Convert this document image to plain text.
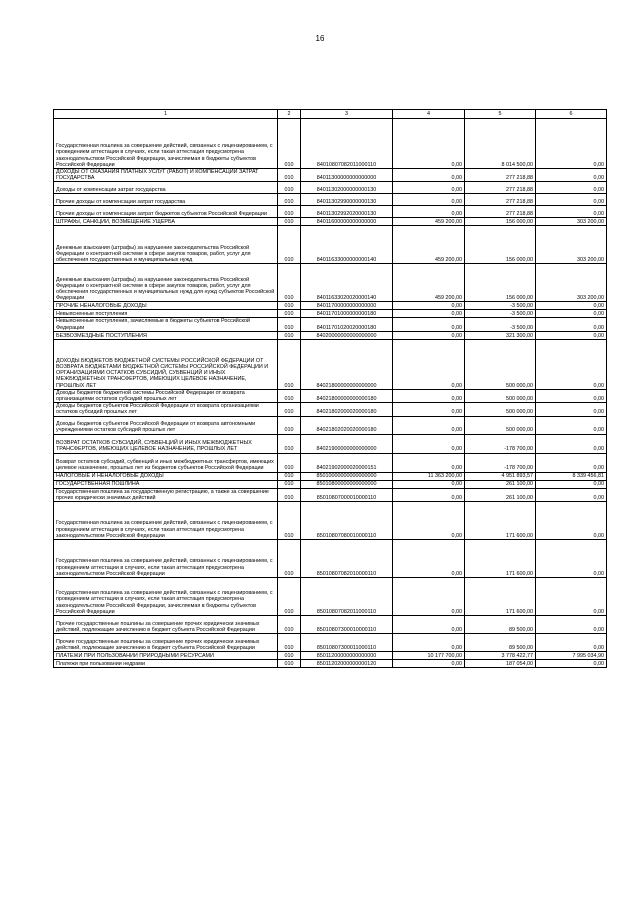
16
1	2	3	4	5	6
Государственная пошлина за совершение действий, связанных с лицензированием, с проведением аттестации в случаях, если такая аттестация предусмотрена законодательством Российской Федерации, зачисляемая в бюджеты субъектов Российской Федерации	010	84010807082011000110	0,00	8 014 500,00	0,00
ДОХОДЫ ОТ ОКАЗАНИЯ ПЛАТНЫХ УСЛУГ (РАБОТ) И КОМПЕНСАЦИИ ЗАТРАТ ГОСУДАРСТВА	010	84011300000000000000	0,00	277 218,88	0,00
Доходы от компенсации затрат государства	010	84011302000000000130	0,00	277 218,88	0,00
Прочие доходы от компенсации затрат государства	010	84011302990000000130	0,00	277 218,88	0,00
Прочие доходы от компенсации затрат бюджетов субъектов Российской Федерации	010	84011302992020000130	0,00	277 218,88	0,00
ШТРАФЫ, САНКЦИИ, ВОЗМЕЩЕНИЕ УЩЕРБА	010	84011600000000000000	459 200,00	156 000,00	303 200,00
Денежные взыскания (штрафы) за нарушение законодательства Российской Федерации о контрактной системе в сфере закупок товаров, работ, услуг для обеспечения государственных и муниципальных нужд	010	84011633000000000140	459 200,00	156 000,00	303 200,00
Денежные взыскания (штрафы) за нарушение законодательства Российской Федерации о контрактной системе в сфере закупок товаров, работ, услуг для обеспечения государственных и муниципальных нужд для нужд субъектов Российской Федерации	010	84011633020020000140	459 200,00	156 000,00	303 200,00
ПРОЧИЕ НЕНАЛОГОВЫЕ ДОХОДЫ	010	84011700000000000000	0,00	-3 500,00	0,00
Невыясненные поступления	010	84011701000000000180	0,00	-3 500,00	0,00
Невыясненные поступления, зачисляемые в бюджеты субъектов Российской Федерации	010	84011701020020000180	0,00	-3 500,00	0,00
БЕЗВОЗМЕЗДНЫЕ ПОСТУПЛЕНИЯ	010	84020000000000000000	0,00	321 300,00	0,00
ДОХОДЫ БЮДЖЕТОВ БЮДЖЕТНОЙ СИСТЕМЫ РОССИЙСКОЙ ФЕДЕРАЦИИ ОТ ВОЗВРАТА БЮДЖЕТАМИ БЮДЖЕТНОЙ СИСТЕМЫ РОССИЙСКОЙ ФЕДЕРАЦИИ И ОРГАНИЗАЦИЯМИ ОСТАТКОВ СУБСИДИЙ, СУБВЕНЦИЙ И ИНЫХ МЕЖБЮДЖЕТНЫХ ТРАНСФЕРТОВ, ИМЕЮЩИХ ЦЕЛЕВОЕ НАЗНАЧЕНИЕ, ПРОШЛЫХ ЛЕТ	010	84021800000000000000	0,00	500 000,00	0,00
Доходы бюджетов бюджетной системы Российской Федерации от возврата организациями остатков субсидий прошлых лет	010	84021800000000000180	0,00	500 000,00	0,00
Доходы бюджетов субъектов Российской Федерации от возврата организациями остатков субсидий прошлых лет	010	84021802000020000180	0,00	500 000,00	0,00
Доходы бюджетов субъектов Российской Федерации от возврата автономными учреждениями остатков субсидий прошлых лет	010	84021802020020000180	0,00	500 000,00	0,00
ВОЗВРАТ ОСТАТКОВ СУБСИДИЙ, СУБВЕНЦИЙ И ИНЫХ МЕЖБЮДЖЕТНЫХ ТРАНСФЕРТОВ, ИМЕЮЩИХ ЦЕЛЕВОЕ НАЗНАЧЕНИЕ, ПРОШЛЫХ ЛЕТ	010	84021900000000000000	0,00	-178 700,00	0,00
Возврат остатков субсидий, субвенций и иных межбюджетных трансфертов, имеющих целевое назначение, прошлых лет из бюджетов субъектов Российской Федерации	010	84021902000020000151	0,00	-178 700,00	0,00
НАЛОГОВЫЕ И НЕНАЛОГОВЫЕ ДОХОДЫ	010	85010000000000000000	11 363 200,00	4 951 893,57	8 339 456,81
ГОСУДАРСТВЕННАЯ ПОШЛИНА	010	85010800000000000000	0,00	261 100,00	0,00
Государственная пошлина за государственную регистрацию, а также за совершение прочих юридически значимых действий	010	85010807000010000110	0,00	261 100,00	0,00
Государственная пошлина за совершение действий, связанных с лицензированием, с проведением аттестации в случаях, если такая аттестация предусмотрена законодательством Российской Федерации	010	85010807080010000110	0,00	171 600,00	0,00
Государственная пошлина за совершение действий, связанных с лицензированием, с проведением аттестации в случаях, если такая аттестация предусмотрена законодательством Российской Федерации	010	85010807082010000110	0,00	171 600,00	0,00
Государственная пошлина за совершение действий, связанных с лицензированием, с проведением аттестации в случаях, если такая аттестация предусмотрена законодательством Российской Федерации, зачисляемая в бюджеты субъектов Российской Федерации	010	85010807082011000110	0,00	171 600,00	0,00
Прочие государственные пошлины за совершение прочих юридически значимых действий, подлежащие зачислению в бюджет субъекта Российской Федерации	010	85010807300010000110	0,00	89 500,00	0,00
Прочие государственные пошлины за совершение прочих юридически значимых действий, подлежащие зачислению в бюджет субъекта Российской Федерации	010	85010807300011000110	0,00	89 500,00	0,00
ПЛАТЕЖИ ПРИ ПОЛЬЗОВАНИИ ПРИРОДНЫМИ РЕСУРСАМИ	010	85011200000000000000	10 177 700,00	3 778 422,77	7 995 034,90
Платежи при пользовании недрами	010	85011202000000000120	0,00	187 054,00	0,00
